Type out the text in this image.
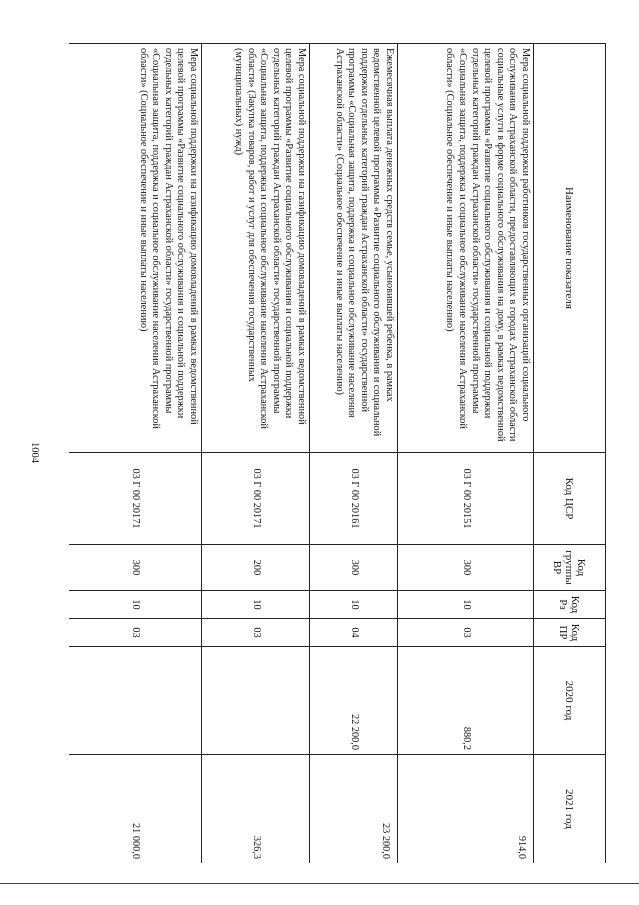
1004
Наименование показателя	Код ЦСР	Код группы ВР	Код Рз	Код ПР	2020 год	2021 год
Мера социальной поддержки работников государственных организаций социального обслуживания Астраханской области, предоставляющих в городах Астраханской области социальные услуги в форме социального обслуживания на дому, в рамках ведомственной целевой программы «Развитие социального обслуживания и социальной поддержки отдельных категорий граждан Астраханской области» государственной программы «Социальная защита, поддержка и социальное обслуживание населения Астраханской области» (Социальное обеспечение и иные выплаты населению)	03 Г 00 20151	300	10	03	880,2	914,0
Ежемесячная выплата денежных средств семье, усыновившей ребенка, в рамках ведомственной целевой программы «Развитие социального обслуживания и социальной поддержки отдельных категорий граждан Астраханской области» государственной программы «Социальная защита, поддержка и социальное обслуживание населения Астраханской области» (Социальное обеспечение и иные выплаты населению)	03 Г 00 20161	300	10	04	22 200,0	23 200,0
Мера социальной поддержки на газификацию домовладений в рамках ведомственной целевой программы «Развитие социального обслуживания и социальной поддержки отдельных категорий граждан Астраханской области» государственной программы «Социальная защита, поддержка и социальное обслуживание населения Астраханской области» (Закупка товаров, работ и услуг для обеспечения государственных (муниципальных) нужд)	03 Г 00 20171	200	10	03		326,3
Мера социальной поддержки на газификацию домовладений в рамках ведомственной целевой программы «Развитие социального обслуживания и социальной поддержки отдельных категорий граждан Астраханской области» государственной программы «Социальная защита, поддержка и социальное обслуживание населения Астраханской области» (Социальное обеспечение и иные выплаты населению)	03 Г 00 20171	300	10	03		21 000,0
